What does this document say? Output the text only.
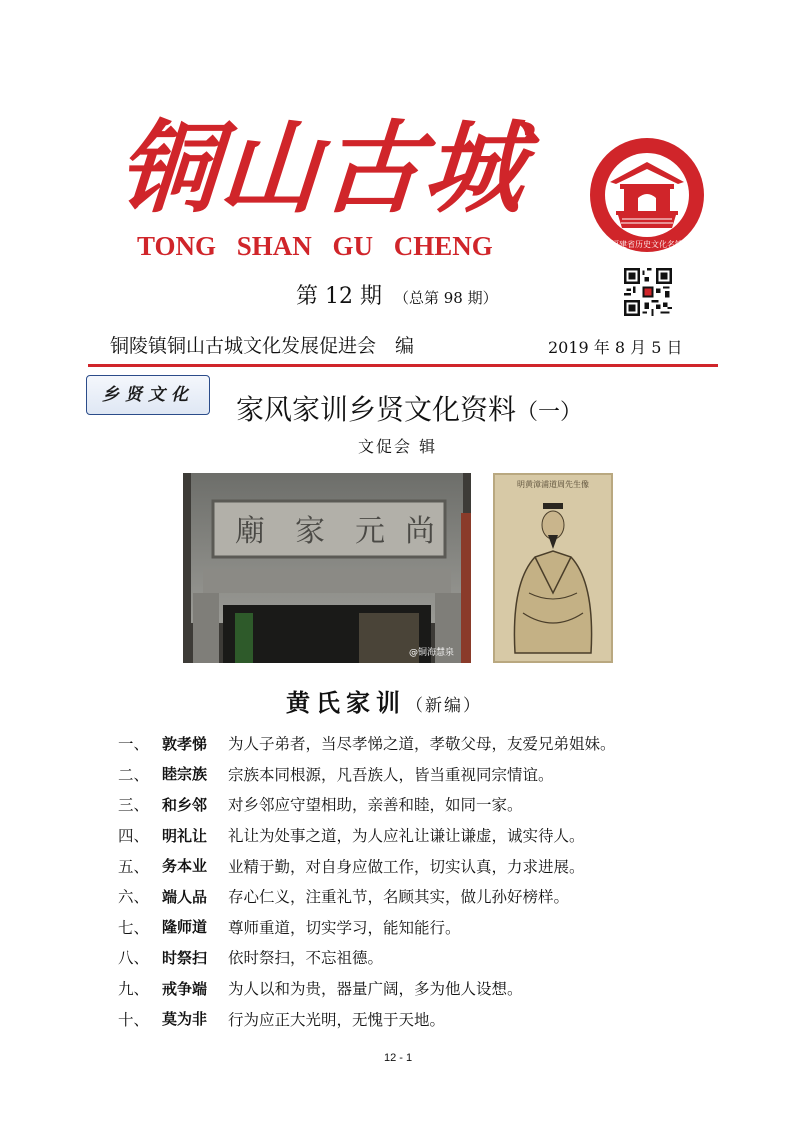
铜山古城
TONG SHAN GU CHENG	福建省历史文化名镇
第 12 期 （总第 98 期）
铜陵镇铜山古城文化发展促进会　编	2019 年 8 月 5 日
乡贤文化	家风家训乡贤文化资料（一）
文促会 辑
廟 家 元 尚
@铜海慧泉
明黄漳浦道周先生像
黄氏家训（新编）
一、 敦孝悌	为人子弟者，当尽孝悌之道，孝敬父母，友爱兄弟姐妹。
二、 睦宗族	宗族本同根源，凡吾族人，皆当重视同宗情谊。
三、 和乡邻	对乡邻应守望相助，亲善和睦，如同一家。
四、 明礼让	礼让为处事之道，为人应礼让谦让谦虚，诚实待人。
五、 务本业	业精于勤，对自身应做工作，切实认真，力求进展。
六、 端人品	存心仁义，注重礼节，名顾其实，做儿孙好榜样。
七、 隆师道	尊师重道，切实学习，能知能行。
八、 时祭扫	依时祭扫，不忘祖德。
九、 戒争端	为人以和为贵，器量广阔，多为他人设想。
十、 莫为非	行为应正大光明，无愧于天地。
12 - 1
